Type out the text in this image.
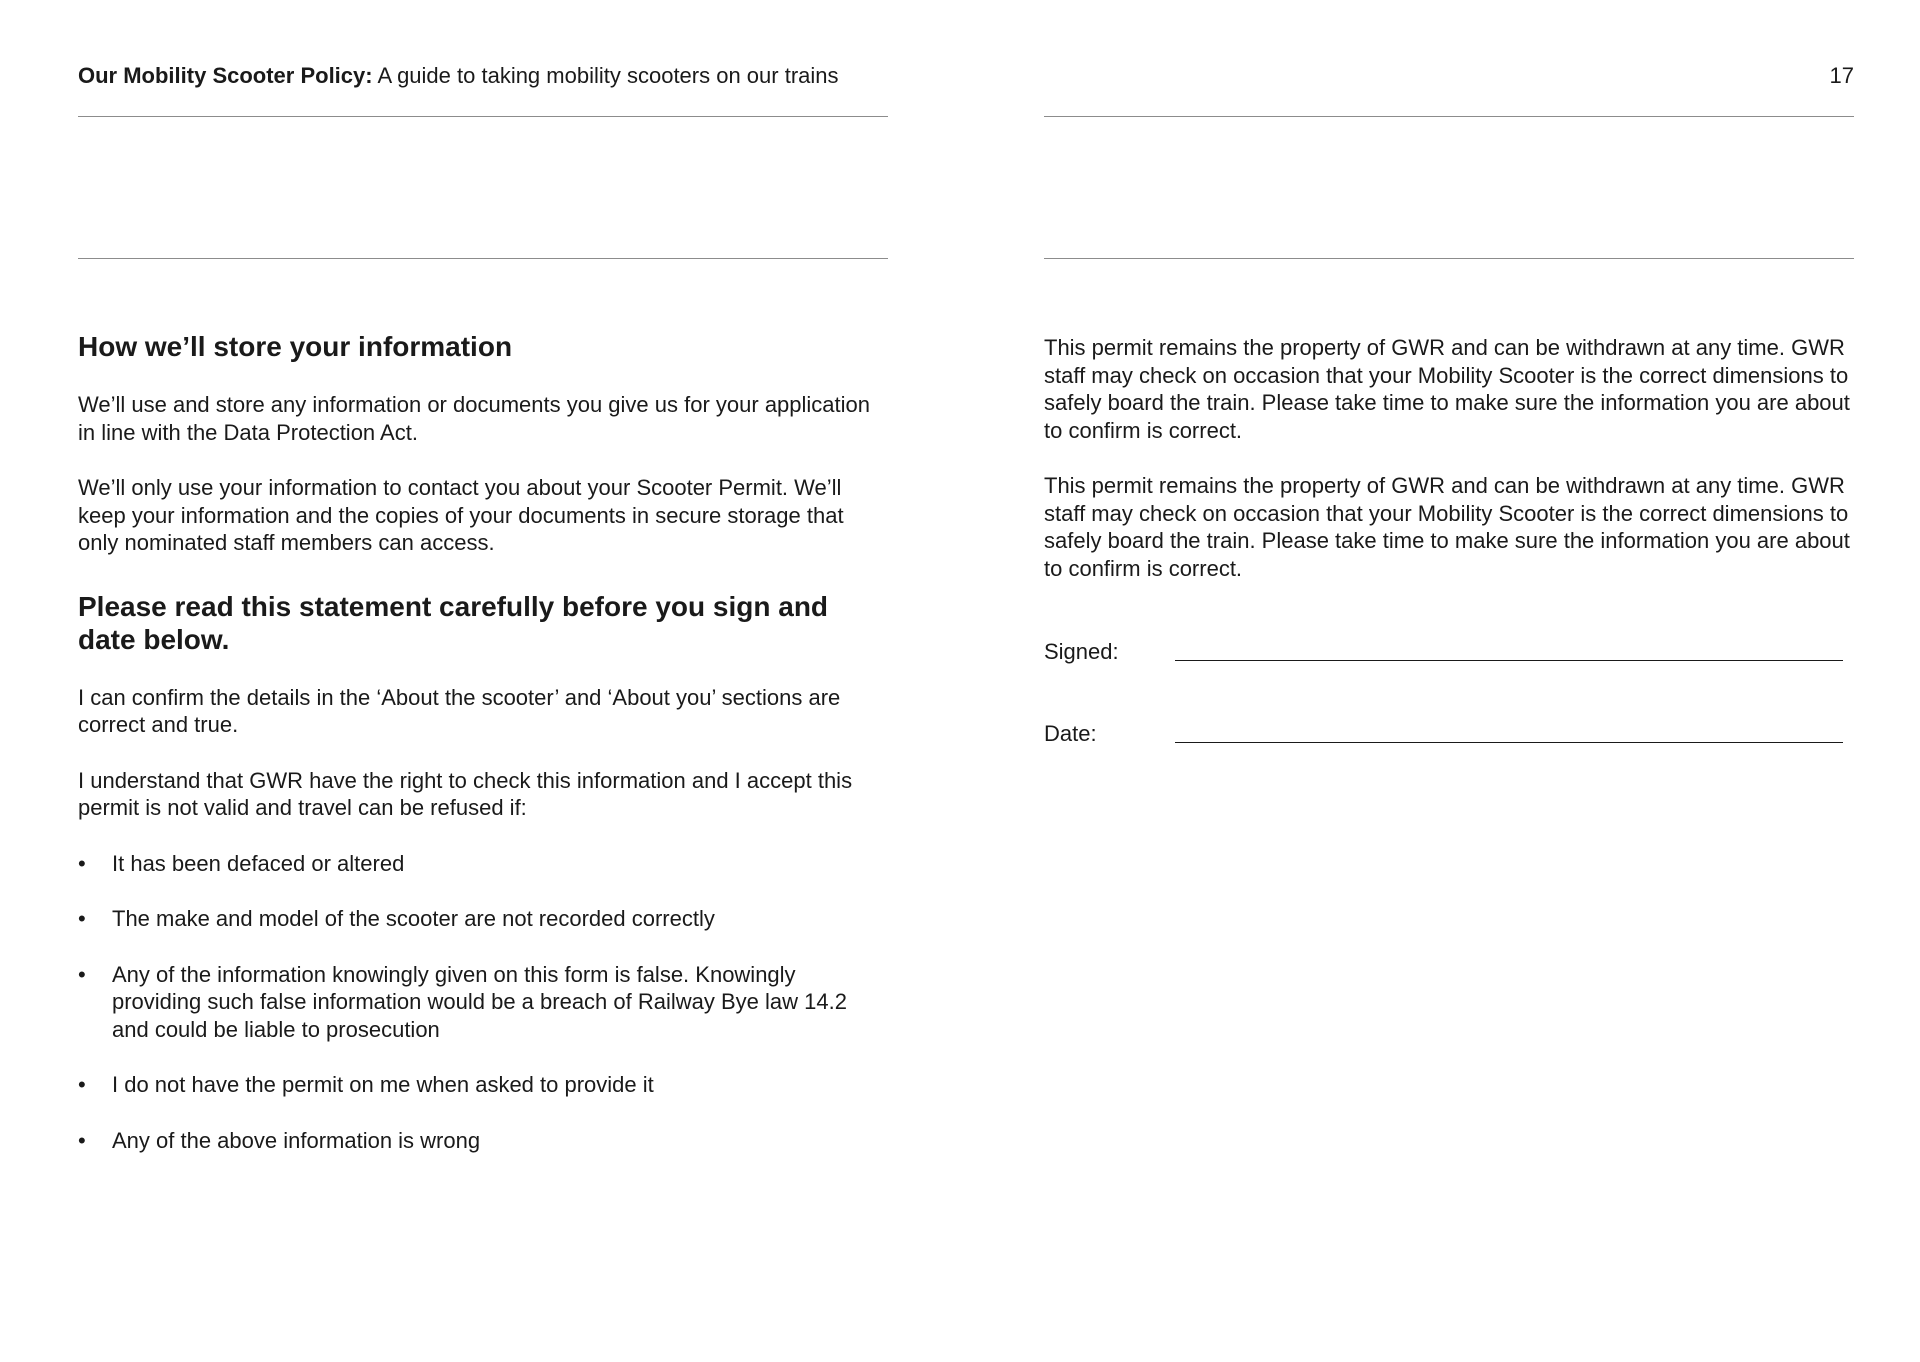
Our Mobility Scooter Policy: A guide to taking mobility scooters on our trains
How we’ll store your information

We’ll use and store any information or documents you give us for your application in line with the Data Protection Act.

We’ll only use your information to contact you about your Scooter Permit. We’ll keep your information and the copies of your documents in secure storage that only nominated staff members can access.

Please read this statement carefully before you sign and date below.

I can confirm the details in the ‘About the scooter’ and ‘About you’ sections are correct and true.

I understand that GWR have the right to check this information and I accept this permit is not valid and travel can be refused if:

• It has been defaced or altered
• The make and model of the scooter are not recorded correctly
• Any of the information knowingly given on this form is false. Knowingly providing such false information would be a breach of Railway Bye law 14.2 and could be liable to prosecution
• I do not have the permit on me when asked to provide it
• Any of the above information is wrong
17

This permit remains the property of GWR and can be withdrawn at any time. GWR staff may check on occasion that your Mobility Scooter is the correct dimensions to safely board the train. Please take time to make sure the information you are about to confirm is correct.

This permit remains the property of GWR and can be withdrawn at any time. GWR staff may check on occasion that your Mobility Scooter is the correct dimensions to safely board the train. Please take time to make sure the information you are about to confirm is correct.

Signed:
Date:
